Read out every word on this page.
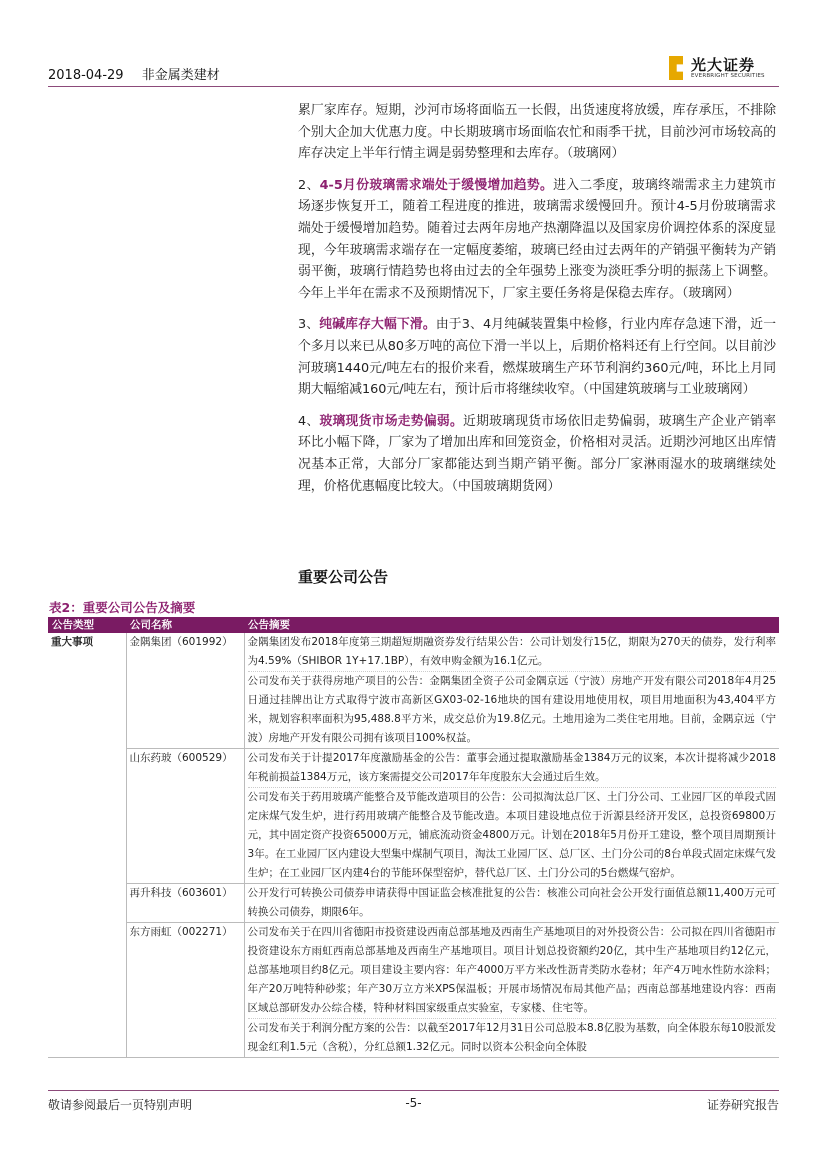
2018-04-29 非金属类建材
光大证券
EVERBRIGHT SECURITIES

累厂家库存。短期，沙河市场将面临五一长假，出货速度将放缓，库存承压，不排除个别大企加大优惠力度。中长期玻璃市场面临农忙和雨季干扰，目前沙河市场较高的库存决定上半年行情主调是弱势整理和去库存。（玻璃网）

2、4-5月份玻璃需求端处于缓慢增加趋势。进入二季度，玻璃终端需求主力建筑市场逐步恢复开工，随着工程进度的推进，玻璃需求缓慢回升。预计4-5月份玻璃需求端处于缓慢增加趋势。随着过去两年房地产热潮降温以及国家房价调控体系的深度显现，今年玻璃需求端存在一定幅度萎缩，玻璃已经由过去两年的产销强平衡转为产销弱平衡，玻璃行情趋势也将由过去的全年强势上涨变为淡旺季分明的振荡上下调整。今年上半年在需求不及预期情况下，厂家主要任务将是保稳去库存。（玻璃网）

3、纯碱库存大幅下滑。由于3、4月纯碱装置集中检修，行业内库存急速下滑，近一个多月以来已从80多万吨的高位下滑一半以上，后期价格料还有上行空间。以目前沙河玻璃1440元/吨左右的报价来看，燃煤玻璃生产环节利润约360元/吨，环比上月同期大幅缩减160元/吨左右，预计后市将继续收窄。（中国建筑玻璃与工业玻璃网）

4、玻璃现货市场走势偏弱。近期玻璃现货市场依旧走势偏弱，玻璃生产企业产销率环比小幅下降，厂家为了增加出库和回笼资金，价格相对灵活。近期沙河地区出库情况基本正常，大部分厂家都能达到当期产销平衡。部分厂家淋雨湿水的玻璃继续处理，价格优惠幅度比较大。（中国玻璃期货网）

重要公司公告
表2：重要公司公告及摘要
公告类型	公司名称	公告摘要
重大事项	金隅集团（601992）	金隅集团发布2018年度第三期超短期融资券发行结果公告：公司计划发行15亿，期限为270天的债券，发行利率为4.59%（SHIBOR 1Y+17.1BP），有效申购金额为16.1亿元。
公司发布关于获得房地产项目的公告：金隅集团全资子公司金隅京远（宁波）房地产开发有限公司2018年4月25日通过挂牌出让方式取得宁波市高新区GX03-02-16地块的国有建设用地使用权，项目用地面积为43,404平方米，规划容积率面积为95,488.8平方米，成交总价为19.8亿元。土地用途为二类住宅用地。目前，金隅京远（宁波）房地产开发有限公司拥有该项目100%权益。

	山东药玻（600529）	公司发布关于计提2017年度激励基金的公告：董事会通过提取激励基金1384万元的议案，本次计提将减少2018年税前损益1384万元，该方案需提交公司2017年年度股东大会通过后生效。
公司发布关于药用玻璃产能整合及节能改造项目的公告：公司拟淘汰总厂区、土门分公司、工业园厂区的单段式固定床煤气发生炉，进行药用玻璃产能整合及节能改造。本项目建设地点位于沂源县经济开发区，总投资69800万元，其中固定资产投资65000万元，铺底流动资金4800万元。计划在2018年5月份开工建设，整个项目周期预计3年。在工业园厂区内建设大型集中煤制气项目，淘汰工业园厂区、总厂区、土门分公司的8台单段式固定床煤气发生炉；在工业园厂区内建4台的节能环保型窑炉，替代总厂区、土门分公司的5台燃煤气窑炉。

	再升科技（603601）	公开发行可转换公司债券申请获得中国证监会核准批复的公告：核准公司向社会公开发行面值总额11,400万元可转换公司债券，期限6年。

	东方雨虹（002271）	公司发布关于在四川省德阳市投资建设西南总部基地及西南生产基地项目的对外投资公告：公司拟在四川省德阳市投资建设东方雨虹西南总部基地及西南生产基地项目。项目计划总投资额约20亿，其中生产基地项目约12亿元，总部基地项目约8亿元。项目建设主要内容：年产4000万平方米改性沥青类防水卷材；年产4万吨水性防水涂料；年产20万吨特种砂浆；年产30万立方米XPS保温板；开展市场情况布局其他产品；西南总部基地建设内容：西南区域总部研发办公综合楼，特种材料国家级重点实验室，专家楼、住宅等。
公司发布关于利润分配方案的公告：以截至2017年12月31日公司总股本8.8亿股为基数，向全体股东每10股派发现金红利1.5元（含税），分红总额1.32亿元。同时以资本公积金向全体股
敬请参阅最后一页特别声明	-5-	证券研究报告
